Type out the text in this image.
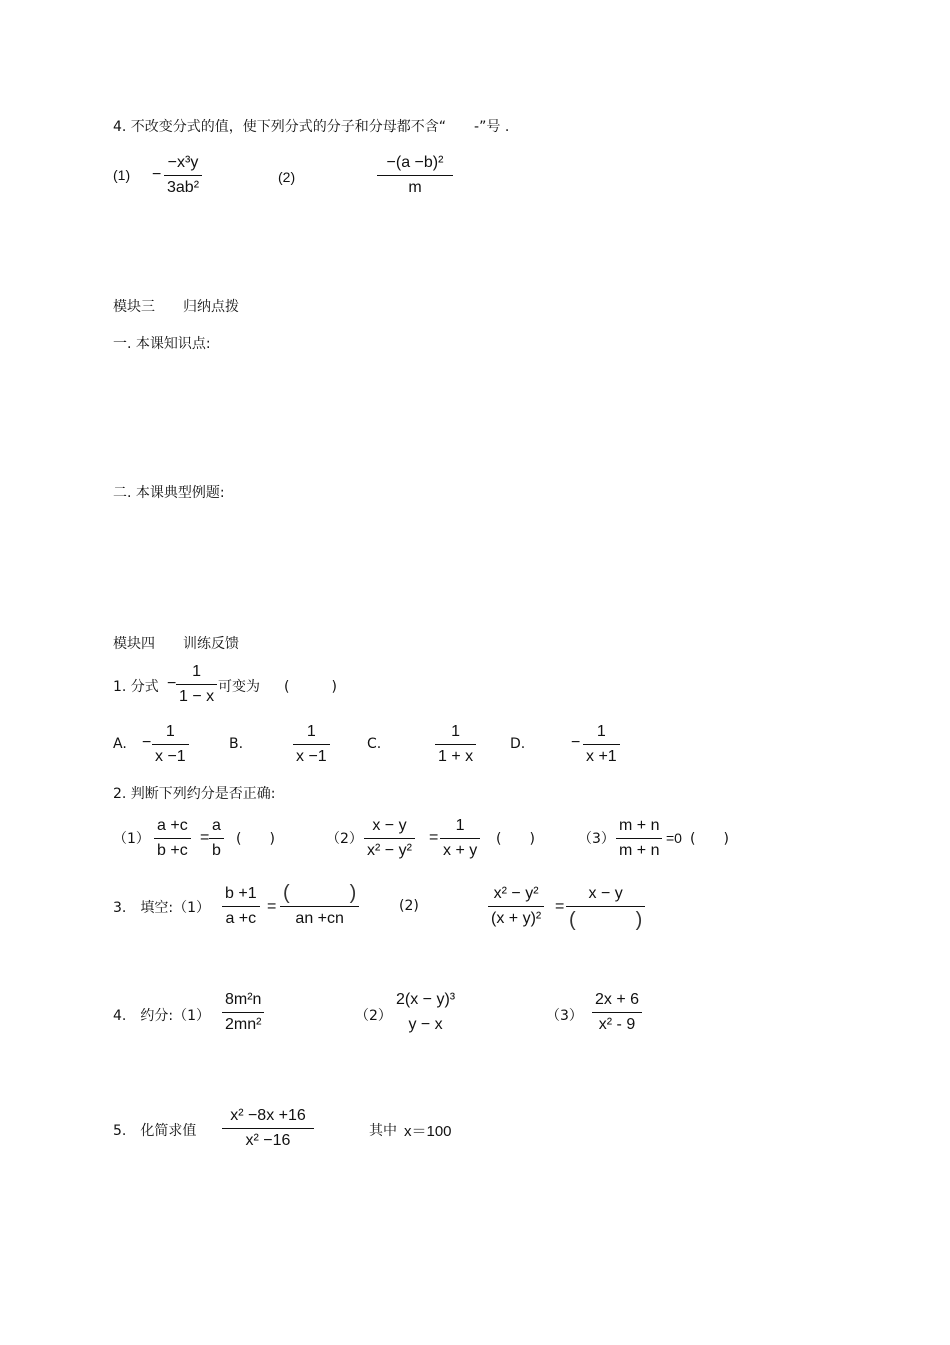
4. 不改变分式的值，使下列分式的分子和分母都不含“　　-”号 .
(1) −
−x³y
3ab²
(2)
−(a −b)²
m
模块三　　归纳点拨
一. 本课知识点:
二. 本课典型例题:
模块四　　训练反馈
1. 分式 −
1
1 − x
可变为 (　　　)
A. −
1
x −1
B.
1
x −1
C.
1
1 + x
D.	−
1
x +1
2. 判断下列约分是否正确:
（1）
a +c
b +c
=
a
b
(　　)	（2）
x − y
x² − y²
=
1
x + y
(　　)	（3）
m + n
m + n
=0 (　　)
3.　填空:（1）
b +1
a +c
=
(　　　)
an +cn
(2)
x² − y²
(x + y)²
=
x − y
(　　　)
4.　约分:（1）
8m²n
2mn²	（2）
2(x − y)³
y − x	（3）
2x + 6
x² - 9
5.　化简求值
x² −8x +16
x² −16
其中 x＝100
